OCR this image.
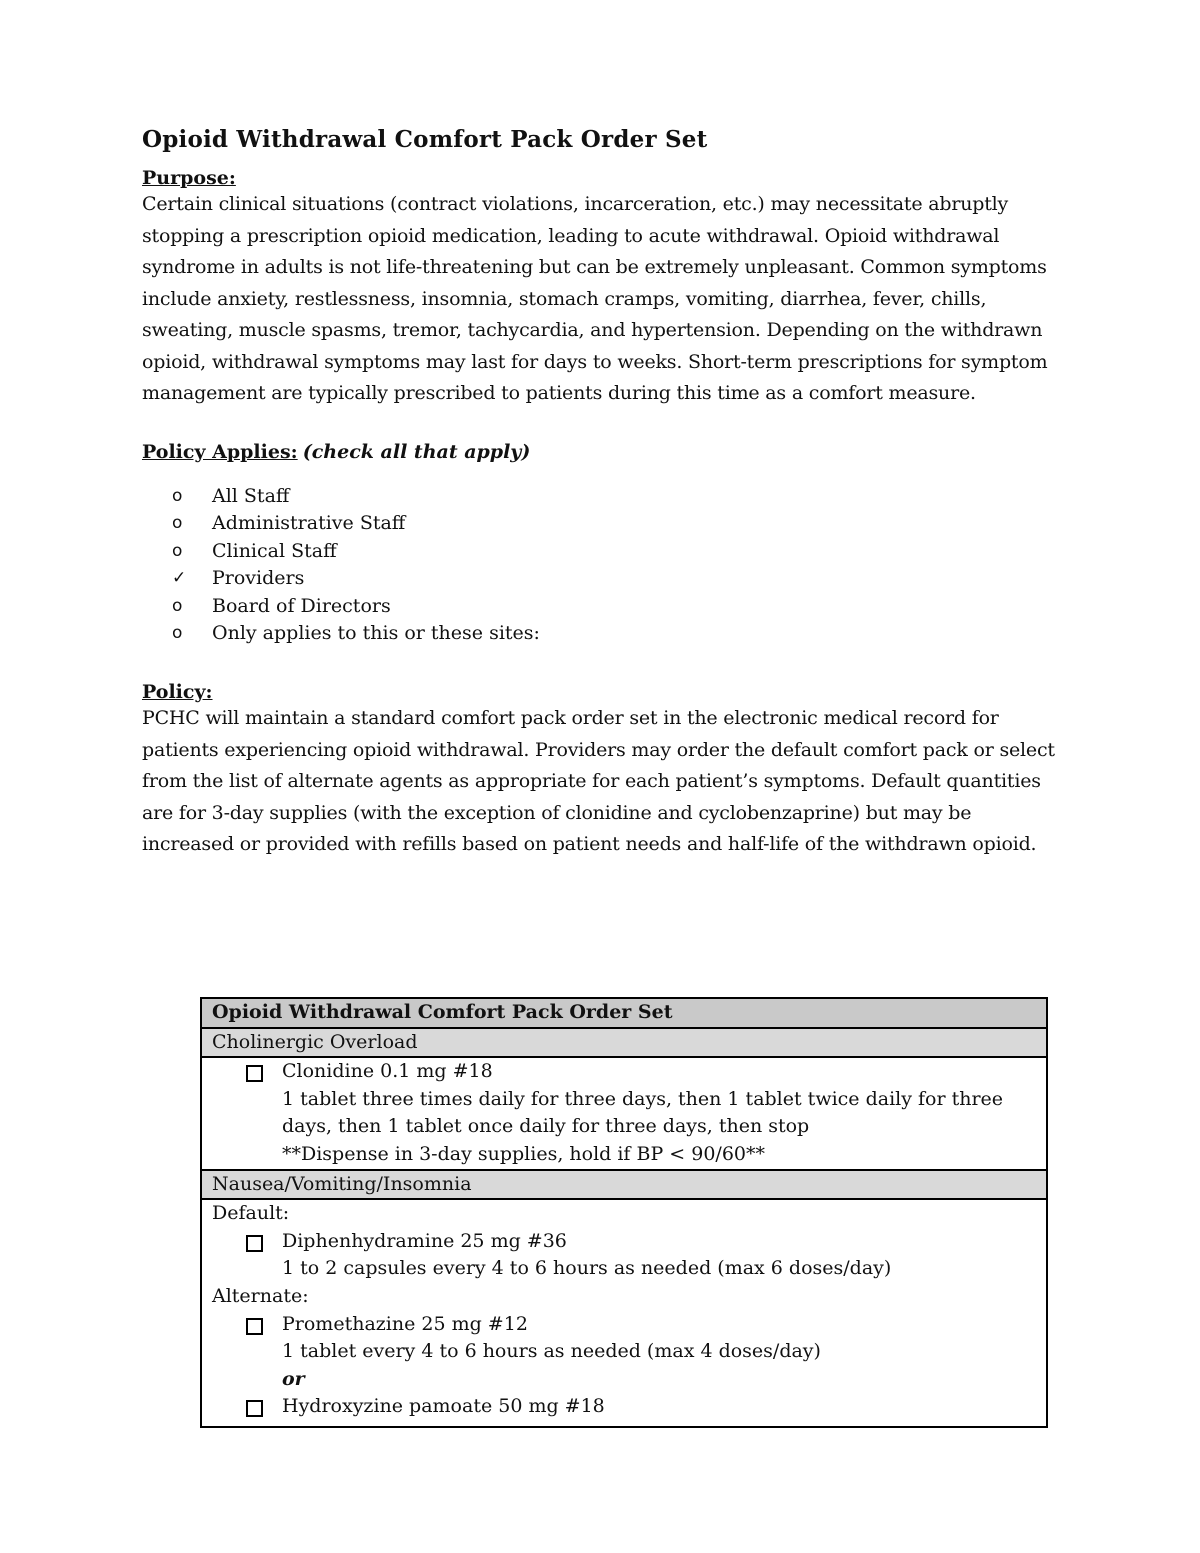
Opioid Withdrawal Comfort Pack Order Set
Purpose:

Certain clinical situations (contract violations, incarceration, etc.) may necessitate abruptly stopping a prescription opioid medication, leading to acute withdrawal. Opioid withdrawal syndrome in adults is not life-threatening but can be extremely unpleasant. Common symptoms include anxiety, restlessness, insomnia, stomach cramps, vomiting, diarrhea, fever, chills, sweating, muscle spasms, tremor, tachycardia, and hypertension. Depending on the withdrawn opioid, withdrawal symptoms may last for days to weeks. Short-term prescriptions for symptom management are typically prescribed to patients during this time as a comfort measure.

Policy Applies: (check all that apply)
o	All Staff
o	Administrative Staff
o	Clinical Staff
✓	Providers
o	Board of Directors
o	Only applies to this or these sites:
Policy:

PCHC will maintain a standard comfort pack order set in the electronic medical record for patients experiencing opioid withdrawal. Providers may order the default comfort pack or select from the list of alternate agents as appropriate for each patient’s symptoms. Default quantities are for 3-day supplies (with the exception of clonidine and cyclobenzaprine) but may be increased or provided with refills based on patient needs and half-life of the withdrawn opioid.

Opioid Withdrawal Comfort Pack Order Set
Cholinergic Overload

Clonidine 0.1 mg #18
1 tablet three times daily for three days, then 1 tablet twice daily for three days, then 1 tablet once daily for three days, then stop
**Dispense in 3-day supplies, hold if BP < 90/60**

Nausea/Vomiting/Insomnia

Default:
Diphenhydramine 25 mg #36
1 to 2 capsules every 4 to 6 hours as needed (max 6 doses/day)
Alternate:
Promethazine 25 mg #12
1 tablet every 4 to 6 hours as needed (max 4 doses/day)
or
Hydroxyzine pamoate 50 mg #18
